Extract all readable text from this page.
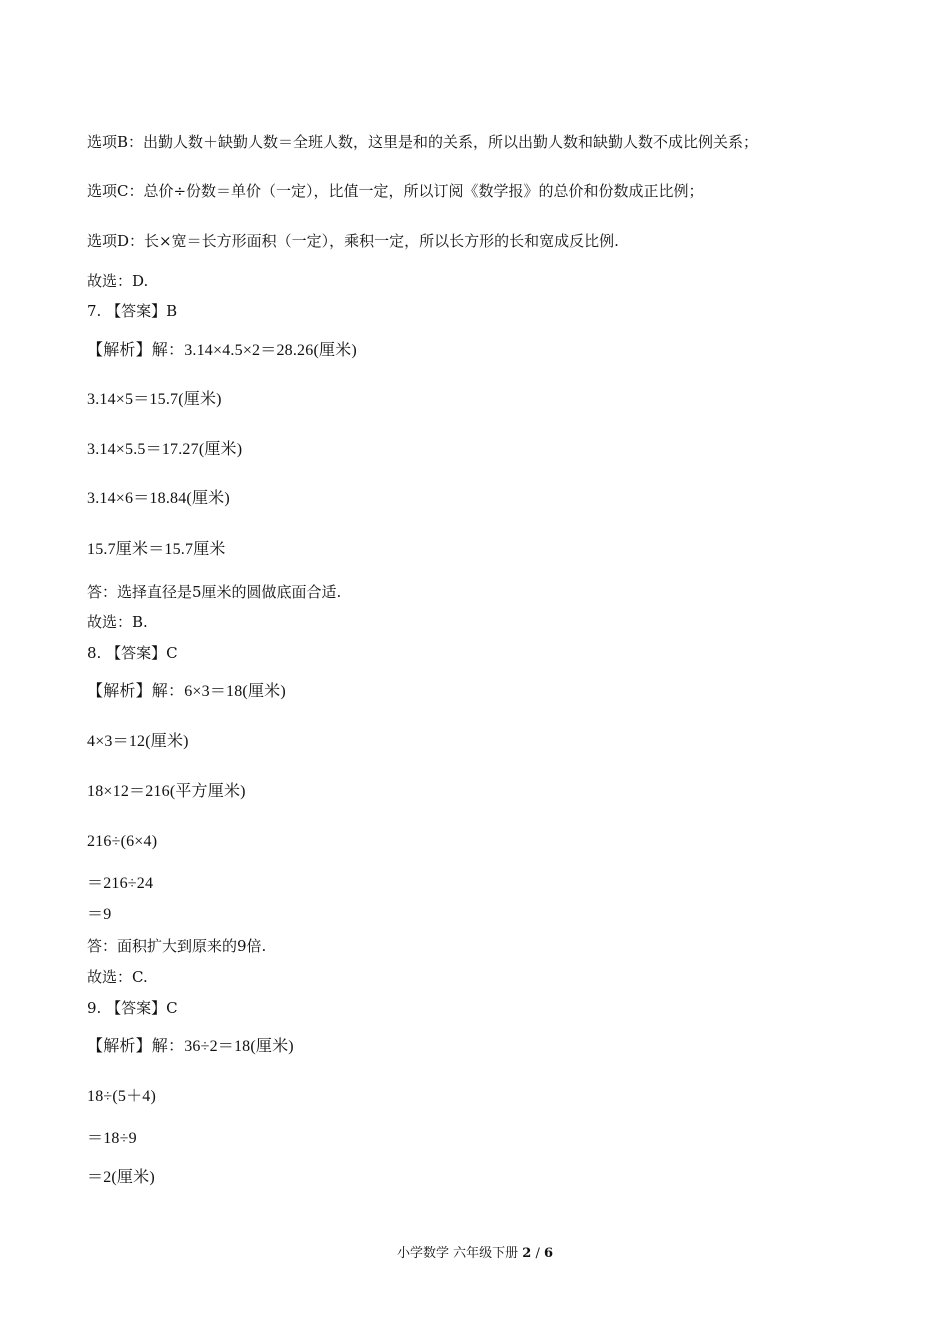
选项B：出勤人数＋缺勤人数＝全班人数，这里是和的关系，所以出勤人数和缺勤人数不成比例关系；
选项C：总价÷份数＝单价（一定），比值一定，所以订阅《数学报》的总价和份数成正比例；
选项D：长×宽＝长方形面积（一定），乘积一定，所以长方形的长和宽成反比例.
故选：D.
7. 【答案】B
【解析】解：3.14×4.5×2＝28.26(厘米)
3.14×5＝15.7(厘米)
3.14×5.5＝17.27(厘米)
3.14×6＝18.84(厘米)
15.7厘米＝15.7厘米
答：选择直径是5厘米的圆做底面合适.
故选：B.
8. 【答案】C
【解析】解：6×3＝18(厘米)
4×3＝12(厘米)
18×12＝216(平方厘米)
216÷(6×4)
＝216÷24
＝9
答：面积扩大到原来的9倍.
故选：C.
9. 【答案】C
【解析】解：36÷2＝18(厘米)
18÷(5＋4)
＝18÷9
＝2(厘米)
小学数学 六年级下册 2 / 6
